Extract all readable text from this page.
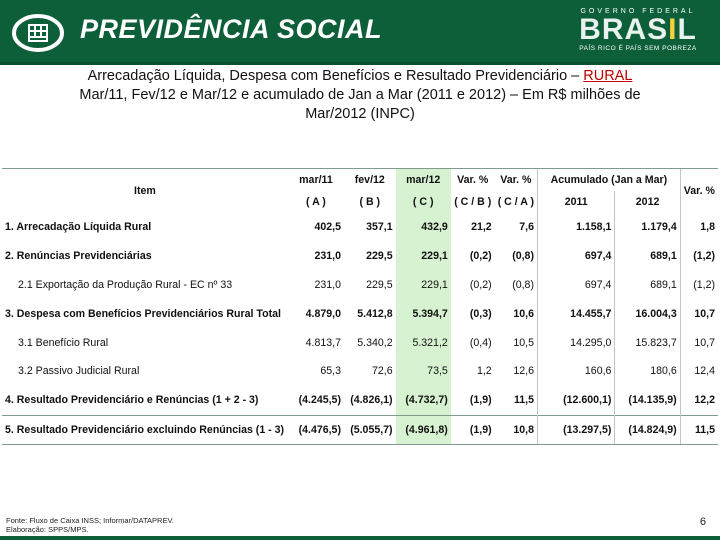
PREVIDÊNCIA SOCIAL
GOVERNO FEDERAL
BRASIL
PAÍS RICO É PAÍS SEM POBREZA
Arrecadação Líquida, Despesa com Benefícios e Resultado Previdenciário – RURAL
Mar/11, Fev/12 e Mar/12 e acumulado de Jan a Mar (2011 e 2012) – Em R$ milhões de
Mar/2012 (INPC)
Item	mar/11	fev/12	mar/12	Var. %	Var. %	Acumulado (Jan a Mar)		Var. %
	( A )	( B )	( C )	( C / B )	( C / A )	2011	2012	
1. Arrecadação Líquida Rural	402,5	357,1	432,9	21,2	7,6	1.158,1	1.179,4	1,8
2. Renúncias Previdenciárias	231,0	229,5	229,1	(0,2)	(0,8)	697,4	689,1	(1,2)
2.1 Exportação da Produção Rural - EC nº 33	231,0	229,5	229,1	(0,2)	(0,8)	697,4	689,1	(1,2)
3. Despesa com Benefícios Previdenciários Rural Total	4.879,0	5.412,8	5.394,7	(0,3)	10,6	14.455,7	16.004,3	10,7
3.1 Benefício Rural	4.813,7	5.340,2	5.321,2	(0,4)	10,5	14.295,0	15.823,7	10,7
3.2 Passivo Judicial Rural	65,3	72,6	73,5	1,2	12,6	160,6	180,6	12,4
4. Resultado Previdenciário e Renúncias (1 + 2 - 3)	(4.245,5)	(4.826,1)	(4.732,7)	(1,9)	11,5	(12.600,1)	(14.135,9)	12,2
5. Resultado Previdenciário excluindo Renúncias (1 - 3)	(4.476,5)	(5.055,7)	(4.961,8)	(1,9)	10,8	(13.297,5)	(14.824,9)	11,5
Fonte: Fluxo de Caixa INSS; Informar/DATAPREV.
Elaboração: SPPS/MPS.
6
